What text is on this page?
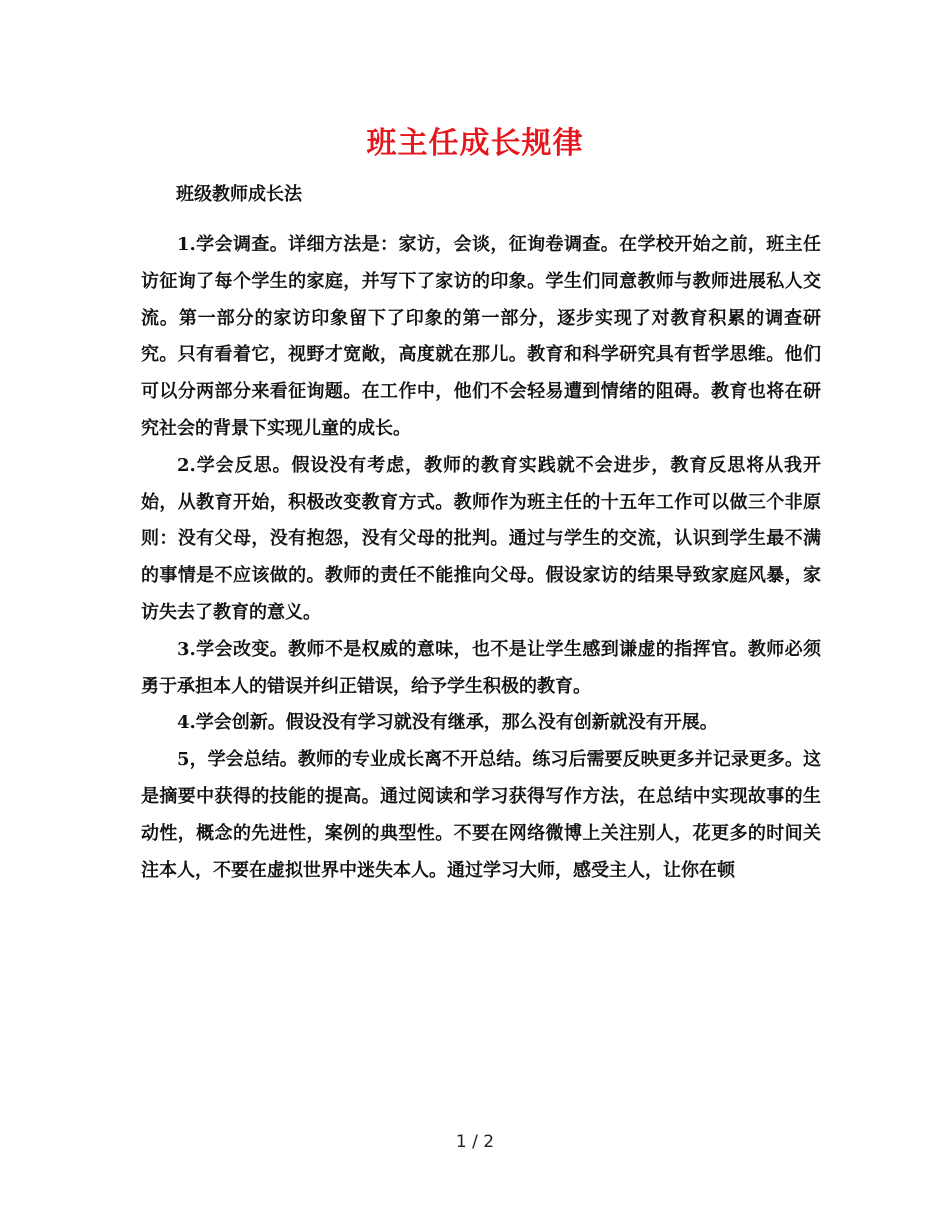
班主任成长规律
班级教师成长法

1.学会调查。详细方法是：家访，会谈，征询卷调查。在学校开始之前，班主任访征询了每个学生的家庭，并写下了家访的印象。学生们同意教师与教师进展私人交流。第一部分的家访印象留下了印象的第一部分，逐步实现了对教育积累的调查研究。只有看着它，视野才宽敞，高度就在那儿。教育和科学研究具有哲学思维。他们可以分两部分来看征询题。在工作中，他们不会轻易遭到情绪的阻碍。教育也将在研究社会的背景下实现儿童的成长。

2.学会反思。假设没有考虑，教师的教育实践就不会进步，教育反思将从我开始，从教育开始，积极改变教育方式。教师作为班主任的十五年工作可以做三个非原则：没有父母，没有抱怨，没有父母的批判。通过与学生的交流，认识到学生最不满的事情是不应该做的。教师的责任不能推向父母。假设家访的结果导致家庭风暴，家访失去了教育的意义。

3.学会改变。教师不是权威的意味，也不是让学生感到谦虚的指挥官。教师必须勇于承担本人的错误并纠正错误，给予学生积极的教育。

4.学会创新。假设没有学习就没有继承，那么没有创新就没有开展。

5，学会总结。教师的专业成长离不开总结。练习后需要反映更多并记录更多。这是摘要中获得的技能的提高。通过阅读和学习获得写作方法，在总结中实现故事的生动性，概念的先进性，案例的典型性。不要在网络微博上关注别人，花更多的时间关注本人，不要在虚拟世界中迷失本人。通过学习大师，感受主人，让你在顿

1 / 2
